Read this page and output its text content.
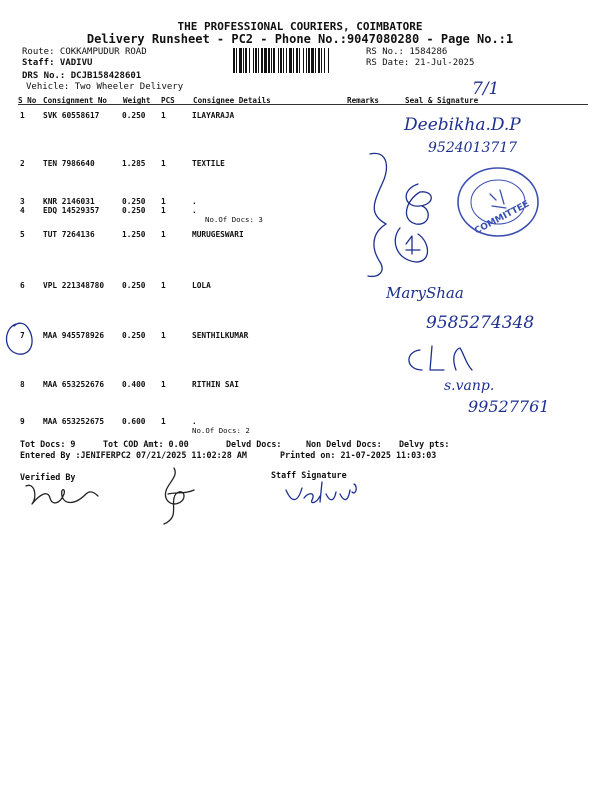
THE PROFESSIONAL COURIERS, COIMBATORE
Delivery Runsheet - PC2 - Phone No.:9047080280 - Page No.:1
Route: COKKAMPUDUR ROAD
Staff: VADIVU
DRS No.: DCJB158428601
Vehicle: Two Wheeler Delivery
RS No.: 1584286
RS Date: 21-Jul-2025
S No Consignment No Weight PCS Consignee Details	Remarks	Seal & Signature
1 SVK 60558617	0.250 1	ILAYARAJA
2 TEN 7986640	1.285 1	TEXTILE
3 KNR 2146031	0.250 1	.
4 EDQ 14529357	0.250 1	.
No.Of Docs: 3
5 TUT 7264136	1.250 1	MURUGESWARI
6 VPL 221348780 0.250 1	LOLA
7 MAA 945578926 0.250 1	SENTHILKUMAR
8 MAA 653252676 0.400 1	RITHIN SAI
9 MAA 653252675 0.600 1	.
No.Of Docs: 2
Tot Docs: 9	Tot COD Amt: 0.00	Delvd Docs:	Non Delvd Docs: Delvy pts:
Entered By :JENIFERPC2 07/21/2025 11:02:28 AM	Printed on: 21-07-2025 11:03:03
Verified By	Staff Signature
7/1
Deebikha.D.P
9524013717
COMMITTEE
MaryShaa
9585274348
s.vanp.
99527761
